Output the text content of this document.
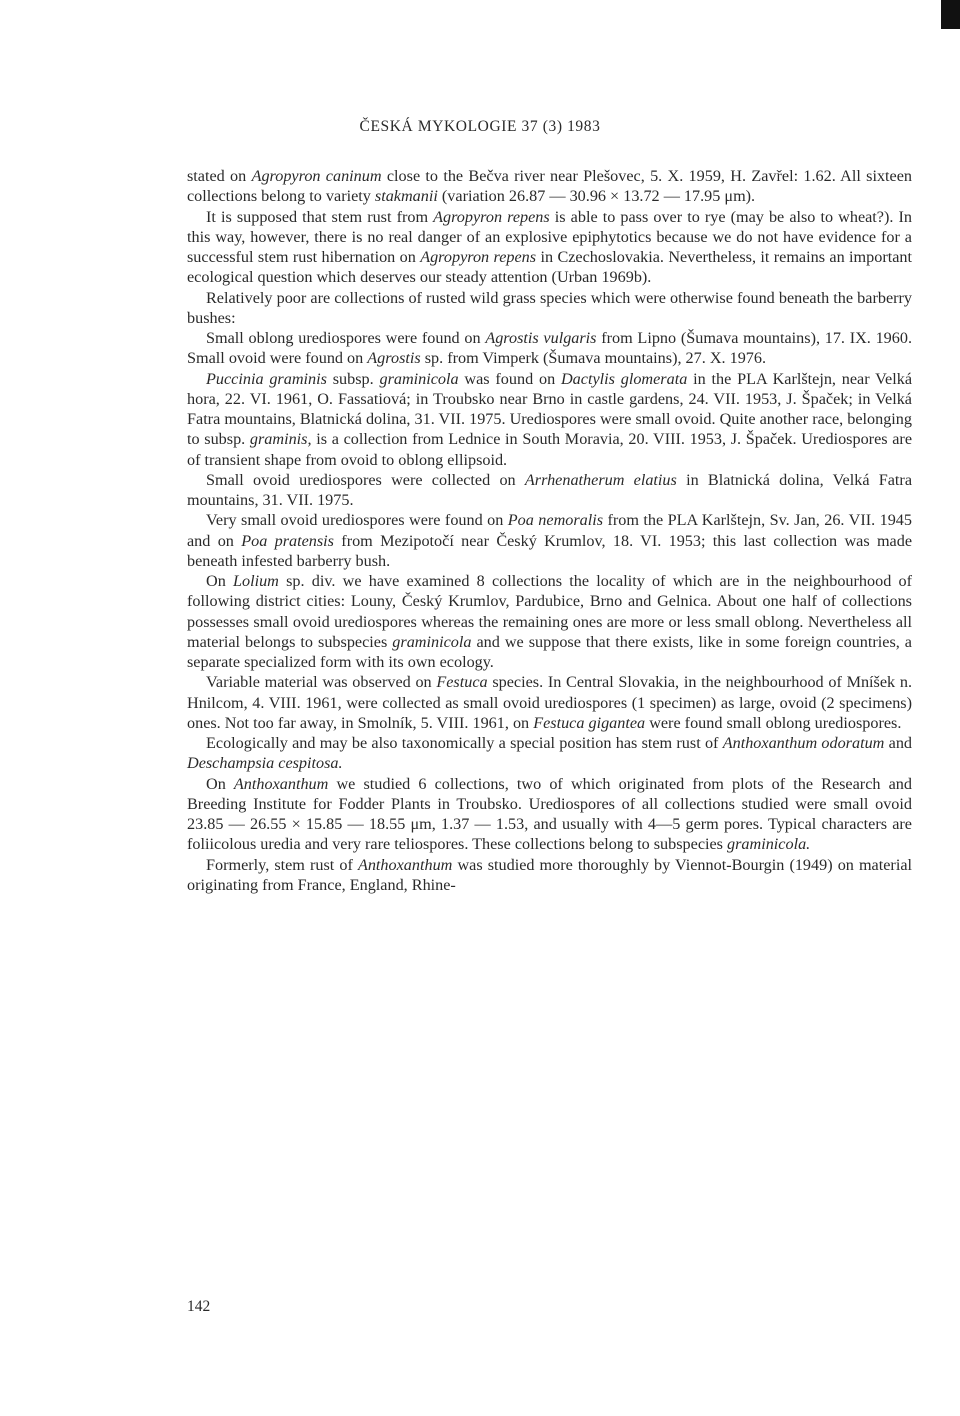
ČESKÁ MYKOLOGIE 37 (3) 1983

stated on Agropyron caninum close to the Bečva river near Plešovec, 5. X. 1959, H. Zavřel: 1.62. All sixteen collections belong to variety stakmanii (variation 26.87 — 30.96 × 13.72 — 17.95 μm).

It is supposed that stem rust from Agropyron repens is able to pass over to rye (may be also to wheat?). In this way, however, there is no real danger of an explosive epiphytotics because we do not have evidence for a successful stem rust hibernation on Agropyron repens in Czechoslovakia. Nevertheless, it remains an important ecological question which deserves our steady attention (Urban 1969b).

Relatively poor are collections of rusted wild grass species which were otherwise found beneath the barberry bushes:

Small oblong urediospores were found on Agrostis vulgaris from Lipno (Šumava mountains), 17. IX. 1960. Small ovoid were found on Agrostis sp. from Vimperk (Šumava mountains), 27. X. 1976.

Puccinia graminis subsp. graminicola was found on Dactylis glomerata in the PLA Karlštejn, near Velká hora, 22. VI. 1961, O. Fassatiová; in Troubsko near Brno in castle gardens, 24. VII. 1953, J. Špaček; in Velká Fatra mountains, Blatnická dolina, 31. VII. 1975. Urediospores were small ovoid. Quite another race, belonging to subsp. graminis, is a collection from Lednice in South Moravia, 20. VIII. 1953, J. Špaček. Urediospores are of transient shape from ovoid to oblong ellipsoid.

Small ovoid urediospores were collected on Arrhenatherum elatius in Blatnická dolina, Velká Fatra mountains, 31. VII. 1975.

Very small ovoid urediospores were found on Poa nemoralis from the PLA Karlštejn, Sv. Jan, 26. VII. 1945 and on Poa pratensis from Mezipotočí near Český Krumlov, 18. VI. 1953; this last collection was made beneath infested barberry bush.

On Lolium sp. div. we have examined 8 collections the locality of which are in the neighbourhood of following district cities: Louny, Český Krumlov, Pardubice, Brno and Gelnica. About one half of collections possesses small ovoid urediospores whereas the remaining ones are more or less small oblong. Nevertheless all material belongs to subspecies graminicola and we suppose that there exists, like in some foreign countries, a separate specialized form with its own ecology.

Variable material was observed on Festuca species. In Central Slovakia, in the neighbourhood of Mníšek n. Hnilcom, 4. VIII. 1961, were collected as small ovoid urediospores (1 specimen) as large, ovoid (2 specimens) ones. Not too far away, in Smolník, 5. VIII. 1961, on Festuca gigantea were found small oblong urediospores.

Ecologically and may be also taxonomically a special position has stem rust of Anthoxanthum odoratum and Deschampsia cespitosa.

On Anthoxanthum we studied 6 collections, two of which originated from plots of the Research and Breeding Institute for Fodder Plants in Troubsko. Urediospores of all collections studied were small ovoid 23.85 — 26.55 × 15.85 — 18.55 μm, 1.37 — 1.53, and usually with 4—5 germ pores. Typical characters are foliicolous uredia and very rare teliospores. These collections belong to subspecies graminicola.

Formerly, stem rust of Anthoxanthum was studied more thoroughly by Viennot-Bourgin (1949) on material originating from France, England, Rhine-

142
